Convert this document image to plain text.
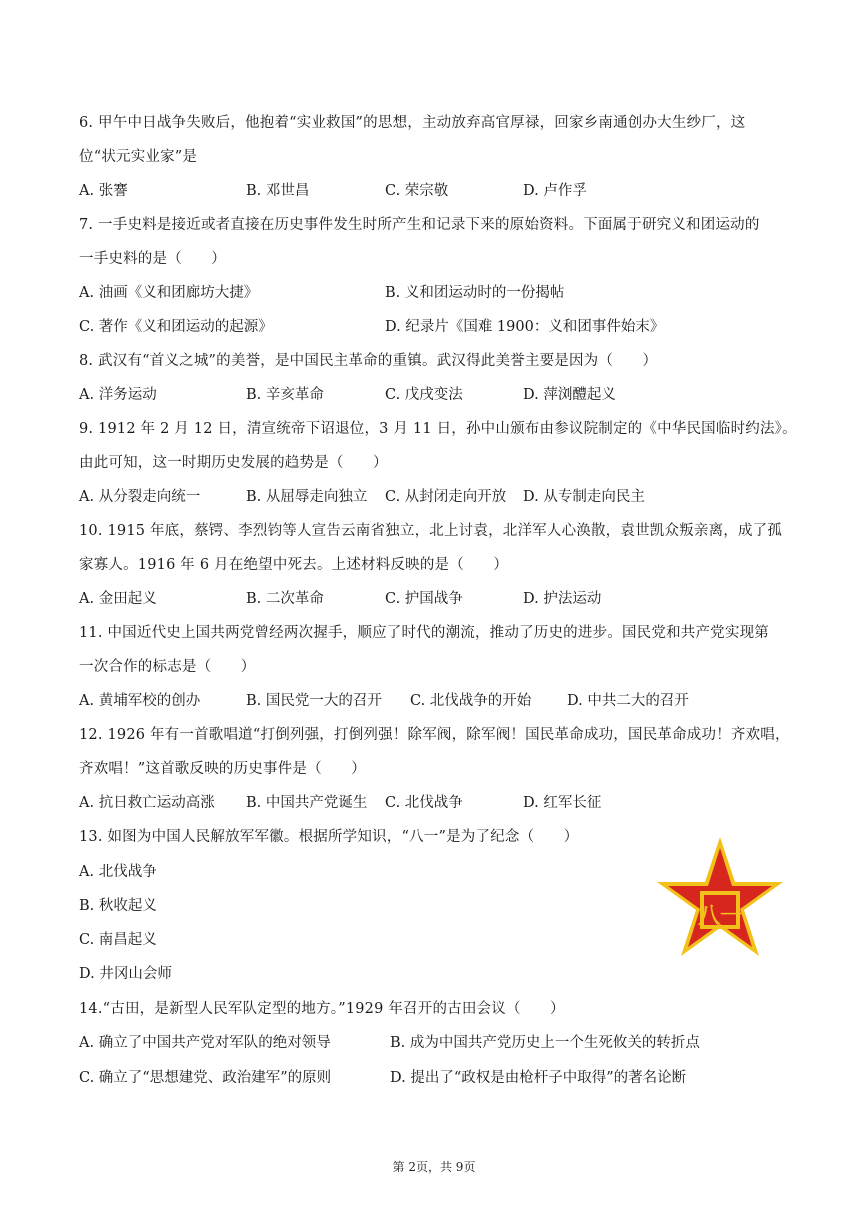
6. 甲午中日战争失败后，他抱着“实业救国”的思想，主动放弃高官厚禄，回家乡南通创办大生纱厂，这
位“状元实业家”是
A. 张謇	B. 邓世昌	C. 荣宗敬	D. 卢作孚
7. 一手史料是接近或者直接在历史事件发生时所产生和记录下来的原始资料。下面属于研究义和团运动的
一手史料的是（　　）
A. 油画《义和团廊坊大捷》	B. 义和团运动时的一份揭帖
C. 著作《义和团运动的起源》	D. 纪录片《国难 1900：义和团事件始末》
8. 武汉有“首义之城”的美誉，是中国民主革命的重镇。武汉得此美誉主要是因为（　　）
A. 洋务运动	B. 辛亥革命	C. 戊戌变法	D. 萍浏醴起义
9. 1912 年 2 月 12 日，清宣统帝下诏退位，3 月 11 日，孙中山颁布由参议院制定的《中华民国临时约法》。
由此可知，这一时期历史发展的趋势是（　　）
A. 从分裂走向统一	B. 从屈辱走向独立 C. 从封闭走向开放 D. 从专制走向民主
10. 1915 年底，蔡锷、李烈钧等人宣告云南省独立，北上讨袁，北洋军人心涣散，袁世凯众叛亲离，成了孤
家寡人。1916 年 6 月在绝望中死去。上述材料反映的是（　　）
A. 金田起义	B. 二次革命	C. 护国战争	D. 护法运动
11. 中国近代史上国共两党曾经两次握手，顺应了时代的潮流，推动了历史的进步。国民党和共产党实现第
一次合作的标志是（　　）
A. 黄埔军校的创办	B. 国民党一大的召开 C. 北伐战争的开始 D. 中共二大的召开
12. 1926 年有一首歌唱道“打倒列强，打倒列强！除军阀，除军阀！国民革命成功，国民革命成功！齐欢唱，
齐欢唱！”这首歌反映的历史事件是（　　）
A. 抗日救亡运动高涨 B. 中国共产党诞生 C. 北伐战争	D. 红军长征
13. 如图为中国人民解放军军徽。根据所学知识，“八一”是为了纪念（　　）
A. 北伐战争
B. 秋收起义
C. 南昌起义
D. 井冈山会师
八一
14.“古田，是新型人民军队定型的地方。”1929 年召开的古田会议（　　）
A. 确立了中国共产党对军队的绝对领导	B. 成为中国共产党历史上一个生死攸关的转折点
C. 确立了“思想建党、政治建军”的原则	D. 提出了“政权是由枪杆子中取得”的著名论断
第 2页，共 9页
